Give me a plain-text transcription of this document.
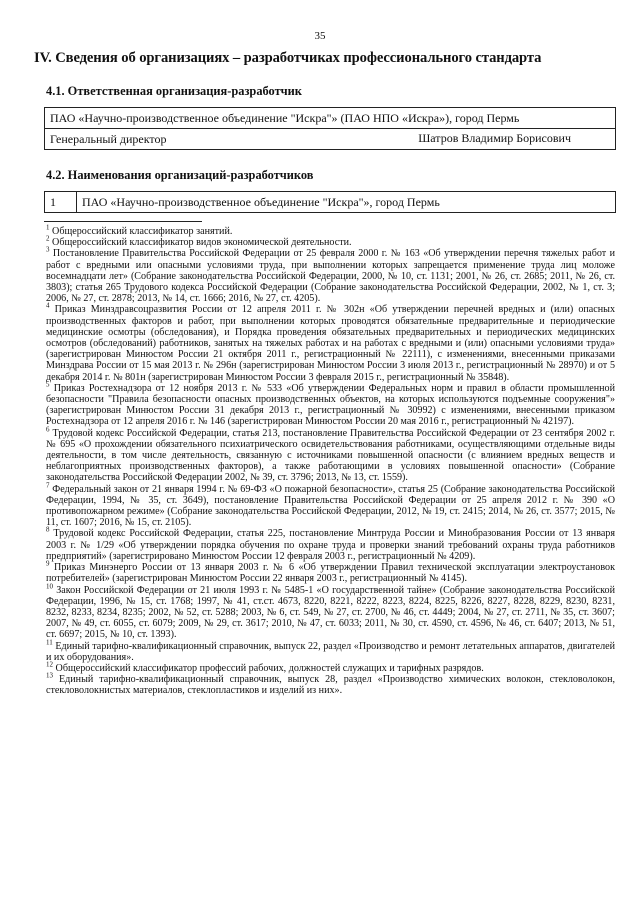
35
IV. Сведения об организациях – разработчиках профессионального стандарта
4.1. Ответственная организация-разработчик
ПАО «Научно-производственное объединение "Искра"» (ПАО НПО «Искра»), город Пермь
Генеральный директор	Шатров Владимир Борисович
4.2. Наименования организаций-разработчиков
1	ПАО «Научно-производственное объединение "Искра"», город Пермь

$^1$ Общероссийский классификатор занятий.

$^2$ Общероссийский классификатор видов экономической деятельности.

$^3$ Постановление Правительства Российской Федерации от 25 февраля 2000 г. № 163 «Об утверждении перечня тяжелых работ и работ с вредными или опасными условиями труда, при выполнении которых запрещается применение труда лиц моложе восемнадцати лет» (Собрание законодательства Российской Федерации, 2000, № 10, ст. 1131; 2001, № 26, ст. 2685; 2011, № 26, ст. 3803); статья 265 Трудового кодекса Российской Федерации (Собрание законодательства Российской Федерации, 2002, № 1, ст. 3; 2006, № 27, ст. 2878; 2013, № 14, ст. 1666; 2016, № 27, ст. 4205).

$^4$ Приказ Минздравсоцразвития России от 12 апреля 2011 г. № 302н «Об утверждении перечней вредных и (или) опасных производственных факторов и работ, при выполнении которых проводятся обязательные предварительные и периодические медицинские осмотры (обследования), и Порядка проведения обязательных предварительных и периодических медицинских осмотров (обследований) работников, занятых на тяжелых работах и на работах с вредными и (или) опасными условиями труда» (зарегистрирован Минюстом России 21 октября 2011 г., регистрационный № 22111), с изменениями, внесенными приказами Минздрава России от 15 мая 2013 г. № 296н (зарегистрирован Минюстом России 3 июля 2013 г., регистрационный № 28970) и от 5 декабря 2014 г. № 801н (зарегистрирован Минюстом России 3 февраля 2015 г., регистрационный № 35848).

$^5$ Приказ Ростехнадзора от 12 ноября 2013 г. № 533 «Об утверждении Федеральных норм и правил в области промышленной безопасности "Правила безопасности опасных производственных объектов, на которых используются подъемные сооружения"» (зарегистрирован Минюстом России 31 декабря 2013 г., регистрационный № 30992) с изменениями, внесенными приказом Ростехнадзора от 12 апреля 2016 г. № 146 (зарегистрирован Минюстом России 20 мая 2016 г., регистрационный № 42197).

$^6$ Трудовой кодекс Российской Федерации, статья 213, постановление Правительства Российской Федерации от 23 сентября 2002 г. № 695 «О прохождении обязательного психиатрического освидетельствования работниками, осуществляющими отдельные виды деятельности, в том числе деятельность, связанную с источниками повышенной опасности (с влиянием вредных веществ и неблагоприятных производственных факторов), а также работающими в условиях повышенной опасности» (Собрание законодательства Российской Федерации 2002, № 39, ст. 3796; 2013, № 13, ст. 1559).

$^7$ Федеральный закон от 21 января 1994 г. № 69-ФЗ «О пожарной безопасности», статья 25 (Собрание законодательства Российской Федерации, 1994, № 35, ст. 3649), постановление Правительства Российской Федерации от 25 апреля 2012 г. № 390 «О противопожарном режиме» (Собрание законодательства Российской Федерации, 2012, № 19, ст. 2415; 2014, № 26, ст. 3577; 2015, № 11, ст. 1607; 2016, № 15, ст. 2105).

$^8$ Трудовой кодекс Российской Федерации, статья 225, постановление Минтруда России и Минобразования России от 13 января 2003 г. № 1/29 «Об утверждении порядка обучения по охране труда и проверки знаний требований охраны труда работников предприятий» (зарегистрировано Минюстом России 12 февраля 2003 г., регистрационный № 4209).

$^9$ Приказ Минэнерго России от 13 января 2003 г. № 6 «Об утверждении Правил технической эксплуатации электроустановок потребителей» (зарегистрирован Минюстом России 22 января 2003 г., регистрационный № 4145).

$^{10}$ Закон Российской Федерации от 21 июля 1993 г. № 5485-1 «О государственной тайне» (Собрание законодательства Российской Федерации, 1996, № 15, ст. 1768; 1997, № 41, ст.ст. 4673, 8220, 8221, 8222, 8223, 8224, 8225, 8226, 8227, 8228, 8229, 8230, 8231, 8232, 8233, 8234, 8235; 2002, № 52, ст. 5288; 2003, № 6, ст. 549, № 27, ст. 2700, № 46, ст. 4449; 2004, № 27, ст. 2711, № 35, ст. 3607; 2007, № 49, ст. 6055, ст. 6079; 2009, № 29, ст. 3617; 2010, № 47, ст. 6033; 2011, № 30, ст. 4590, ст. 4596, № 46, ст. 6407; 2013, № 51, ст. 6697; 2015, № 10, ст. 1393).

$^{11}$ Единый тарифно-квалификационный справочник, выпуск 22, раздел «Производство и ремонт летательных аппаратов, двигателей и их оборудования».

$^{12}$ Общероссийский классификатор профессий рабочих, должностей служащих и тарифных разрядов.

$^{13}$ Единый тарифно-квалификационный справочник, выпуск 28, раздел «Производство химических волокон, стекловолокон, стекловолокнистых материалов, стеклопластиков и изделий из них».
